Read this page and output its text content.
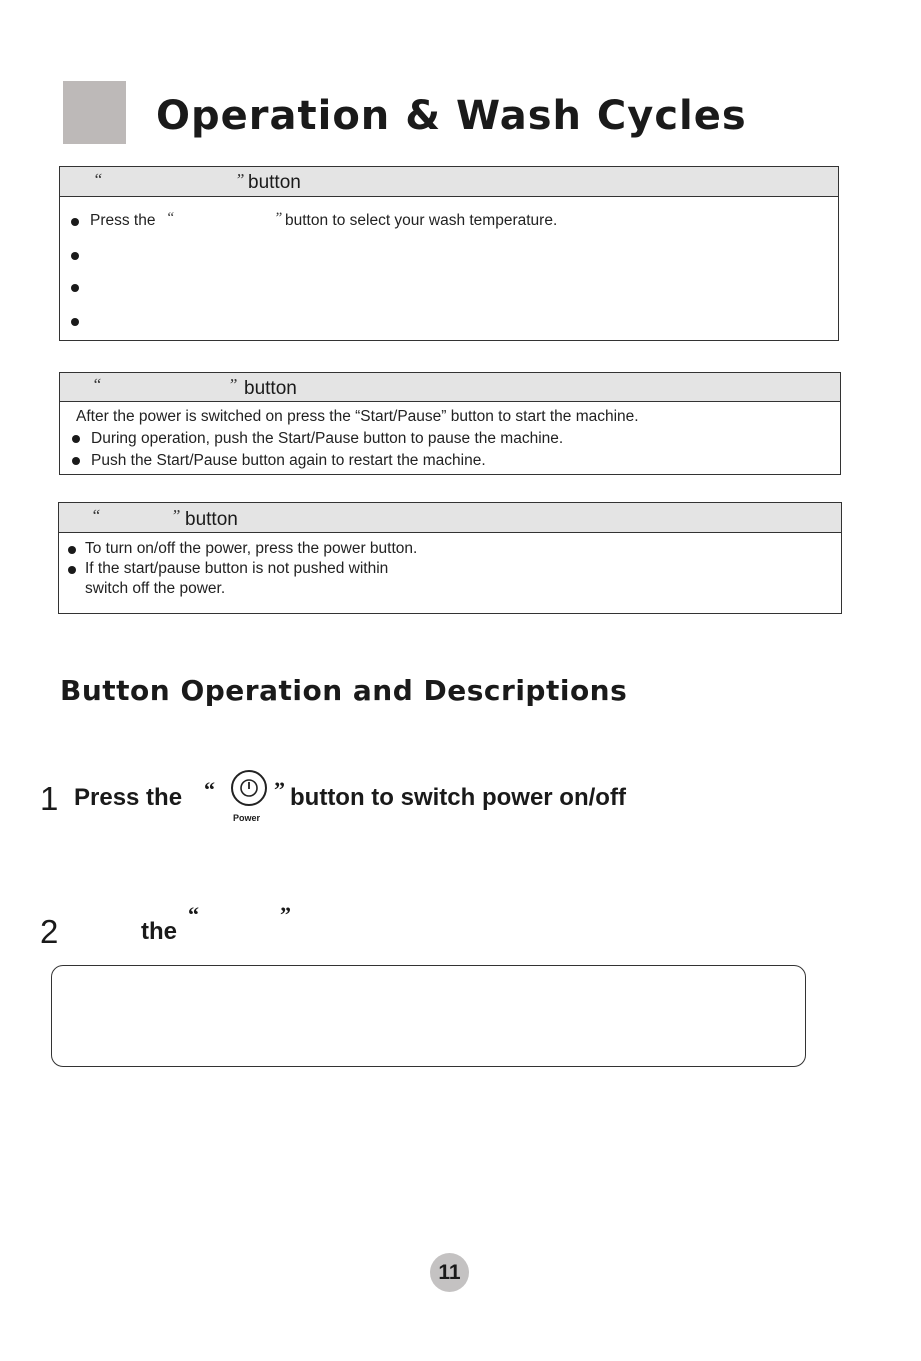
Operation & Wash Cycles
“	” button
Press the “	” button to select your wash temperature.
“	” button
After the power is switched on press the “Start/Pause” button to start the machine.
During operation, push the Start/Pause button to pause the machine.
Push the Start/Pause button again to restart the machine.
“	” button
To turn on/off the power, press the power button.
If the start/pause button is not pushed within
switch off the power.
Button Operation and Descriptions
1 Press the “
Power
” button to switch power on/off
2	the
“	”
11
